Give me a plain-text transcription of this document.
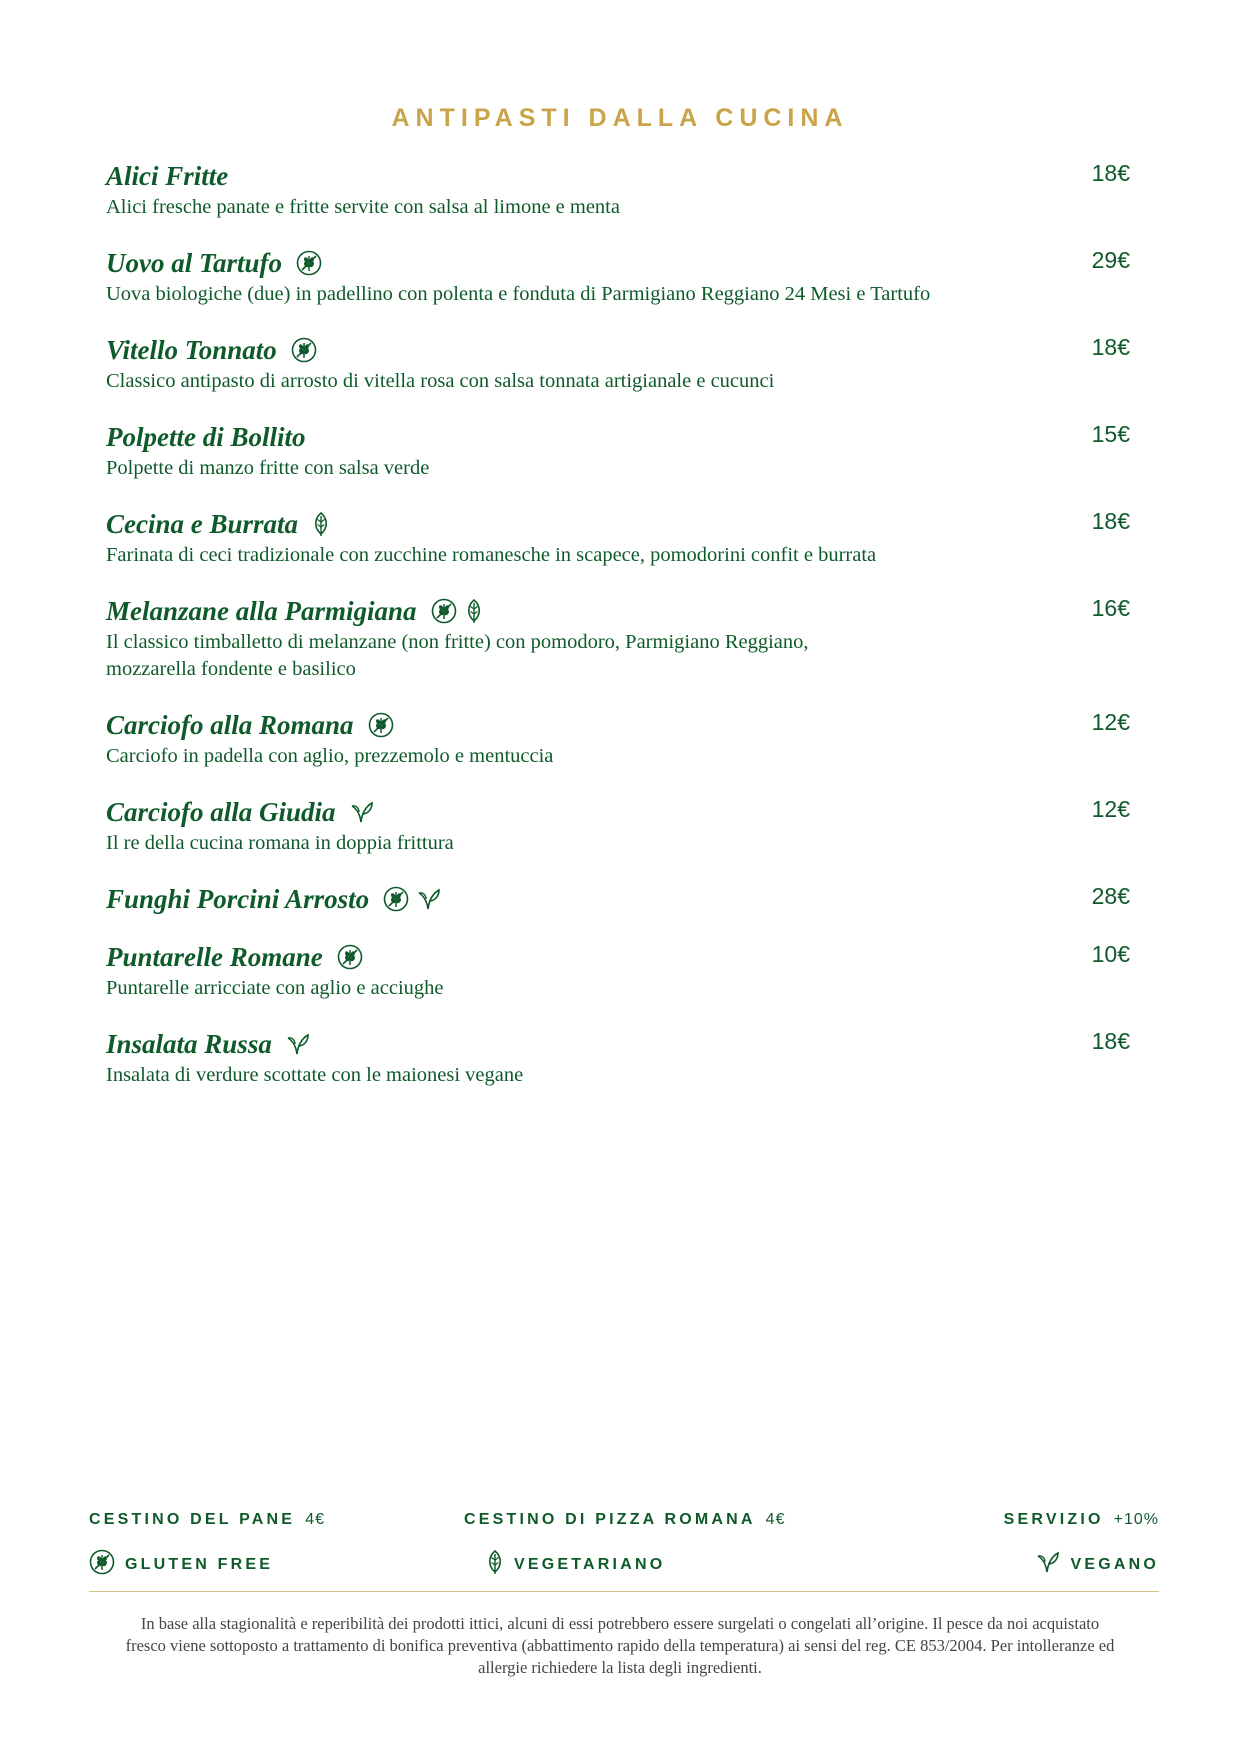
ANTIPASTI DALLA CUCINA
Alici Fritte	18€
Alici fresche panate e fritte servite con salsa al limone e menta
Uovo al Tartufo	29€
Uova biologiche (due) in padellino con polenta e fonduta di Parmigiano Reggiano 24 Mesi e Tartufo
Vitello Tonnato	18€
Classico antipasto di arrosto di vitella rosa con salsa tonnata artigianale e cucunci
Polpette di Bollito	15€
Polpette di manzo fritte con salsa verde
Cecina e Burrata	18€
Farinata di ceci tradizionale con zucchine romanesche in scapece, pomodorini confit e burrata
Melanzane alla Parmigiana	16€
Il classico timballetto di melanzane (non fritte) con pomodoro, Parmigiano Reggiano,
mozzarella fondente e basilico
Carciofo alla Romana	12€
Carciofo in padella con aglio, prezzemolo e mentuccia
Carciofo alla Giudia	12€
Il re della cucina romana in doppia frittura
Funghi Porcini Arrosto	28€
Puntarelle Romane	10€
Puntarelle arricciate con aglio e acciughe
Insalata Russa	18€
Insalata di verdure scottate con le maionesi vegane
CESTINO DEL PANE 4€	CESTINO DI PIZZA ROMANA 4€	SERVIZIO +10%
GLUTEN FREE	VEGETARIANO	VEGANO
In base alla stagionalità e reperibilità dei prodotti ittici, alcuni di essi potrebbero essere surgelati o congelati all’origine. Il pesce da noi acquistato fresco viene sottoposto a trattamento di bonifica preventiva (abbattimento rapido della temperatura) ai sensi del reg. CE 853/2004. Per intolleranze ed allergie richiedere la lista degli ingredienti.
